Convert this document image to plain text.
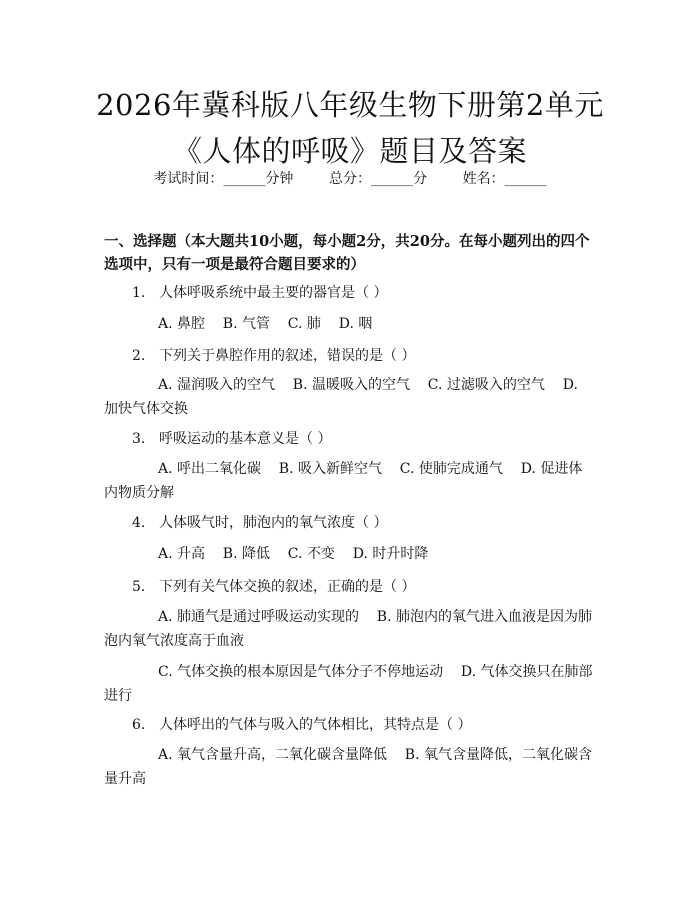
2026年冀科版八年级生物下册第2单元《人体的呼吸》题目及答案
考试时间：______分钟	总分：______分	姓名：______
一、选择题（本大题共10小题，每小题2分，共20分。在每小题列出的四个选项中，只有一项是最符合题目要求的）
1. 人体呼吸系统中最主要的器官是（ ）
A. 鼻腔    B. 气管    C. 肺    D. 咽
2. 下列关于鼻腔作用的叙述，错误的是（ ）
A. 湿润吸入的空气    B. 温暖吸入的空气    C. 过滤吸入的空气    D. 加快气体交换
3. 呼吸运动的基本意义是（ ）
A. 呼出二氧化碳    B. 吸入新鲜空气    C. 使肺完成通气    D. 促进体内物质分解
4. 人体吸气时，肺泡内的氧气浓度（ ）
A. 升高    B. 降低    C. 不变    D. 时升时降
5. 下列有关气体交换的叙述，正确的是（ ）
A. 肺通气是通过呼吸运动实现的    B. 肺泡内的氧气进入血液是因为肺泡内氧气浓度高于血液
C. 气体交换的根本原因是气体分子不停地运动    D. 气体交换只在肺部进行
6. 人体呼出的气体与吸入的气体相比，其特点是（ ）
A. 氧气含量升高，二氧化碳含量降低    B. 氧气含量降低，二氧化碳含量升高
